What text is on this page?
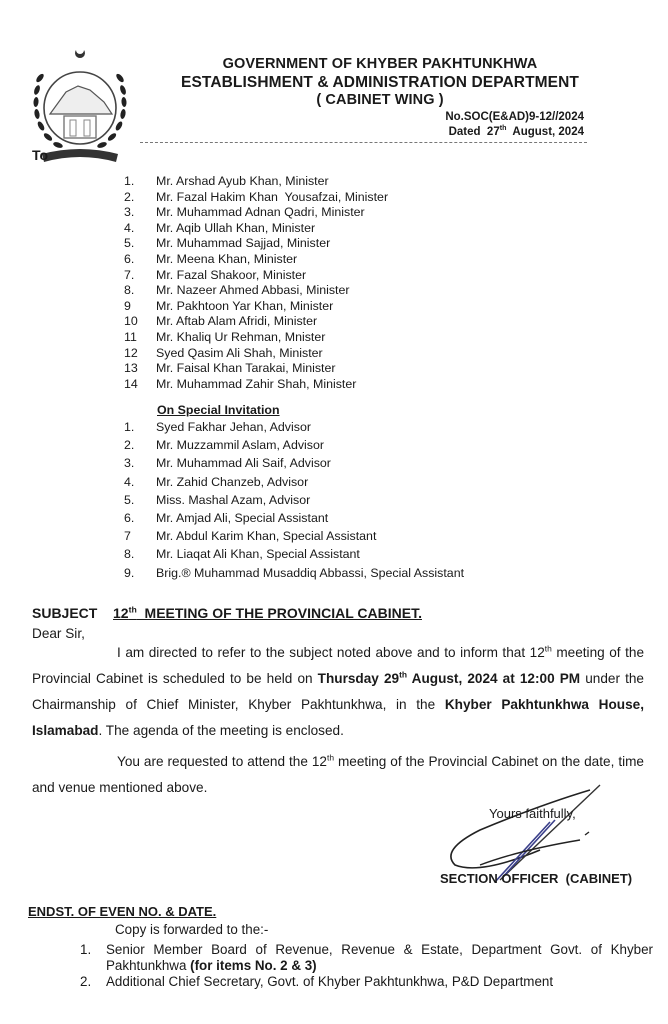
GOVERNMENT OF KHYBER PAKHTUNKHWA
ESTABLISHMENT & ADMINISTRATION DEPARTMENT
( CABINET WING )
No.SOC(E&AD)9-12//2024
Dated  27th  August, 2024
To
1.	Mr. Arshad Ayub Khan, Minister
2.	Mr. Fazal Hakim Khan  Yousafzai, Minister
3.	Mr. Muhammad Adnan Qadri, Minister
4.	Mr. Aqib Ullah Khan, Minister
5.	Mr. Muhammad Sajjad, Minister
6.	Mr. Meena Khan, Minister
7.	Mr. Fazal Shakoor, Minister
8.	Mr. Nazeer Ahmed Abbasi, Minister
9	Mr. Pakhtoon Yar Khan, Minister
10	Mr. Aftab Alam Afridi, Minister
11	Mr. Khaliq Ur Rehman, Mnister
12	Syed Qasim Ali Shah, Minister
13	Mr. Faisal Khan Tarakai, Minister
14	Mr. Muhammad Zahir Shah, Minister
On Special Invitation
1.	Syed Fakhar Jehan, Advisor
2.	Mr. Muzzammil Aslam, Advisor
3.	Mr. Muhammad Ali Saif, Advisor
4.	Mr. Zahid Chanzeb, Advisor
5.	Miss. Mashal Azam, Advisor
6.	Mr. Amjad Ali, Special Assistant
7	Mr. Abdul Karim Khan, Special Assistant
8.	Mr. Liaqat Ali Khan, Special Assistant
9.	Brig.® Muhammad Musaddiq Abbassi, Special Assistant
SUBJECT 12th  MEETING OF THE PROVINCIAL CABINET.
Dear Sir,
I am directed to refer to the subject noted above and to inform that 12th meeting of the Provincial Cabinet is scheduled to be held on Thursday 29th August, 2024 at 12:00 PM under the Chairmanship of Chief Minister, Khyber Pakhtunkhwa, in the Khyber Pakhtunkhwa House, Islamabad. The agenda of the meeting is enclosed.
You are requested to attend the 12th meeting of the Provincial Cabinet on the date, time and venue mentioned above.
Yours faithfully,
SECTION OFFICER  (CABINET)
ENDST. OF EVEN NO. & DATE.
Copy is forwarded to the:-
1.	Senior Member Board of Revenue, Revenue & Estate, Department Govt. of Khyber Pakhtunkhwa (for items No. 2 & 3)
2.	Additional Chief Secretary, Govt. of Khyber Pakhtunkhwa, P&D Department
